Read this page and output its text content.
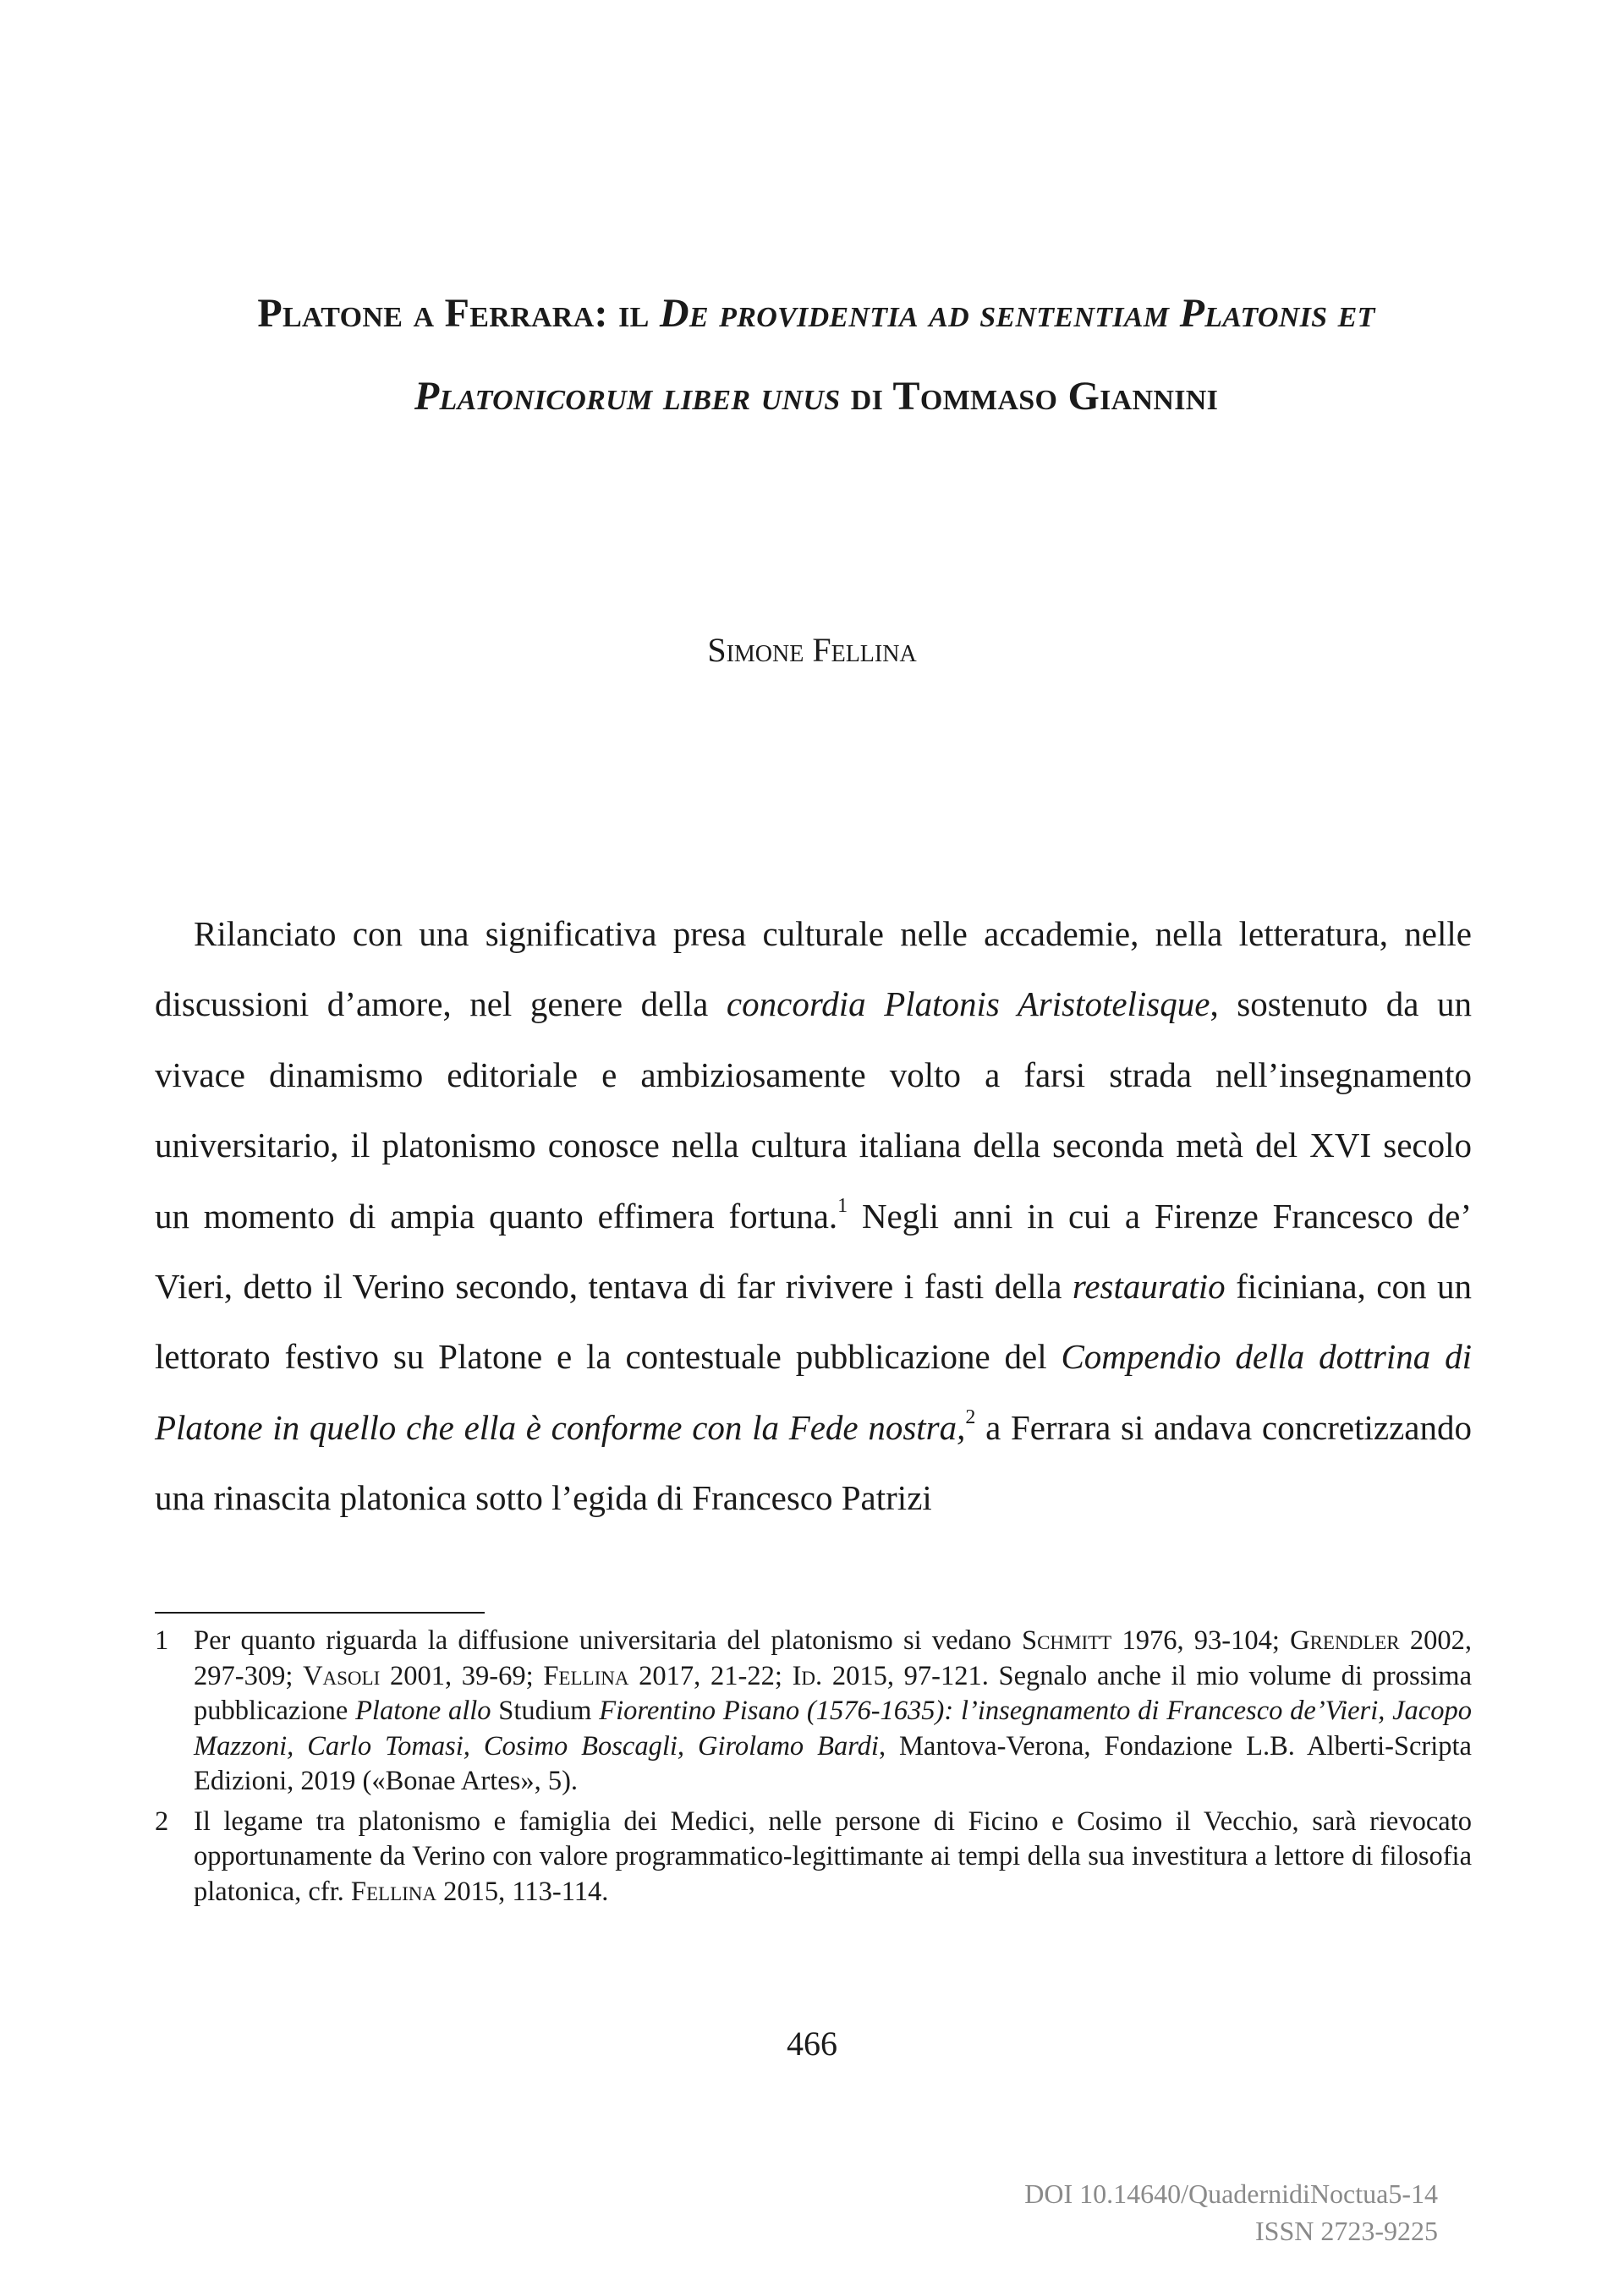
Platone a Ferrara: il De providentia ad sententiam Platonis et Platonicorum liber unus di Tommaso Giannini
Simone Fellina

Rilanciato con una significativa presa culturale nelle accademie, nella letteratura, nelle discussioni d’amore, nel genere della concordia Platonis Aristotelisque, sostenuto da un vivace dinamismo editoriale e ambiziosamente volto a farsi strada nell’insegnamento universitario, il platonismo conosce nella cultura italiana della seconda metà del XVI secolo un momento di ampia quanto effimera fortuna.$^1$ Negli anni in cui a Firenze Francesco de’ Vieri, detto il Verino secondo, tentava di far rivivere i fasti della restauratio ficiniana, con un lettorato festivo su Platone e la contestuale pubblicazione del Compendio della dottrina di Platone in quello che ella è conforme con la Fede nostra,$^2$ a Ferrara si andava concretizzando una rinascita platonica sotto l’egida di Francesco Patrizi

1 Per quanto riguarda la diffusione universitaria del platonismo si vedano Schmitt 1976, 93-104; Grendler 2002, 297-309; Vasoli 2001, 39-69; Fellina 2017, 21-22; Id. 2015, 97-121. Segnalo anche il mio volume di prossima pubblicazione Platone allo Studium Fiorentino Pisano (1576-1635): l’insegnamento di Francesco de’Vieri, Jacopo Mazzoni, Carlo Tomasi, Cosimo Boscagli, Girolamo Bardi, Mantova-Verona, Fondazione L.B. Alberti-Scripta Edizioni, 2019 («Bonae Artes», 5).
2 Il legame tra platonismo e famiglia dei Medici, nelle persone di Ficino e Cosimo il Vecchio, sarà rievocato opportunamente da Verino con valore programmatico-legittimante ai tempi della sua investitura a lettore di filosofia platonica, cfr. Fellina 2015, 113-114.
466
DOI 10.14640/QuadernidiNoctua5-14
ISSN 2723-9225
